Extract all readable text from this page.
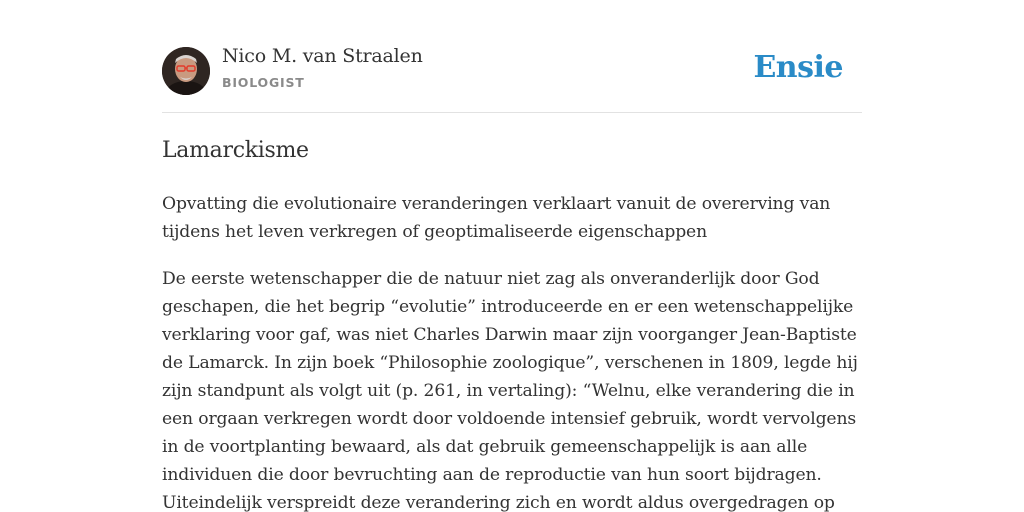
Nico M. van Straalen
BIOLOGIST	Ensie
Lamarckisme

Opvatting die evolutionaire veranderingen verklaart vanuit de overerving van tijdens het leven verkregen of geoptimaliseerde eigenschappen

De eerste wetenschapper die de natuur niet zag als onveranderlijk door God geschapen, die het begrip “evolutie” introduceerde en er een wetenschappelijke verklaring voor gaf, was niet Charles Darwin maar zijn voorganger Jean-Baptiste de Lamarck. In zijn boek “Philosophie zoologique”, verschenen in 1809, legde hij zijn standpunt als volgt uit (p. 261, in vertaling): “Welnu, elke verandering die in een orgaan verkregen wordt door voldoende intensief gebruik, wordt vervolgens in de voortplanting bewaard, als dat gebruik gemeenschappelijk is aan alle individuen die door bevruchting aan de reproductie van hun soort bijdragen. Uiteindelijk verspreidt deze verandering zich en wordt aldus overgedragen op
